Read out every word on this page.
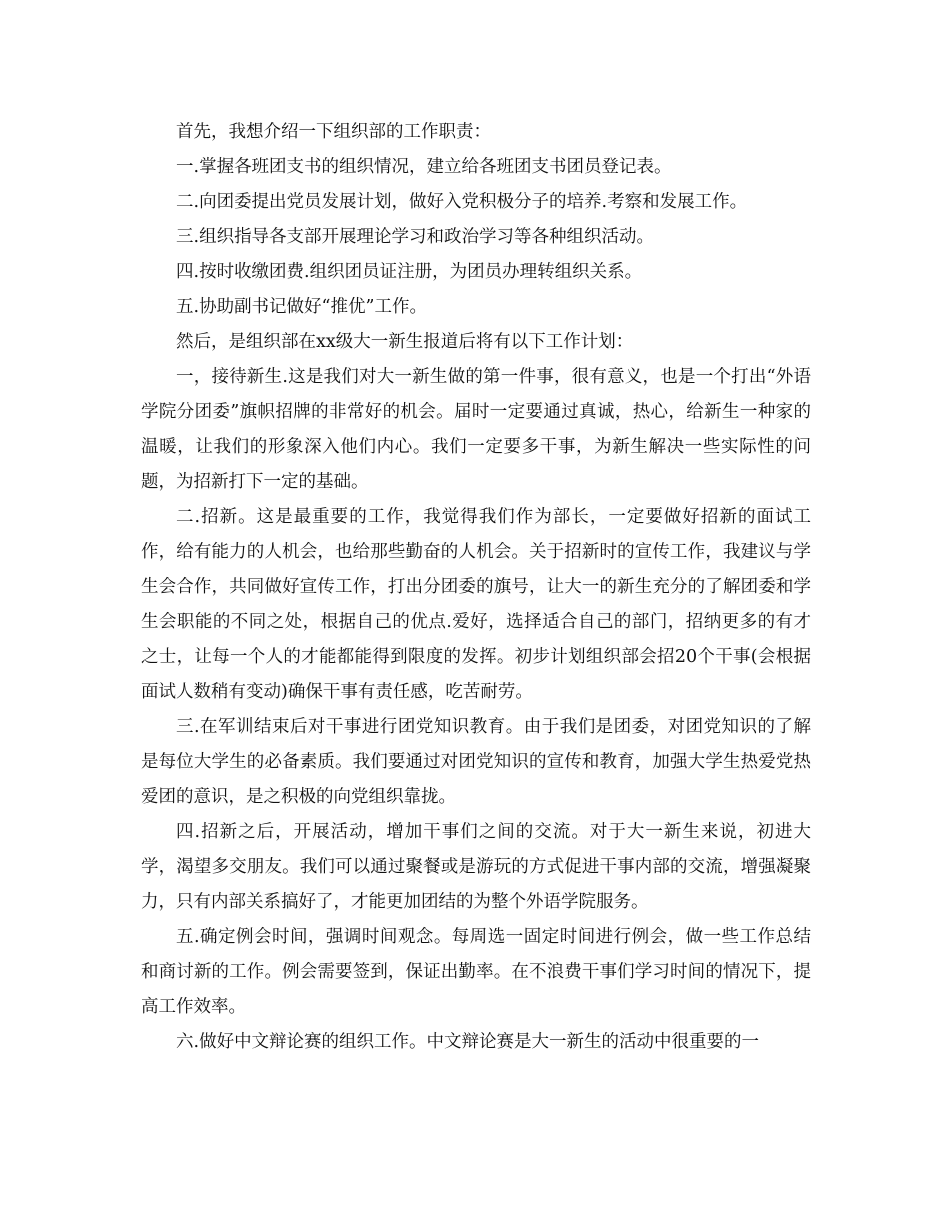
首先，我想介绍一下组织部的工作职责：

一.掌握各班团支书的组织情况，建立给各班团支书团员登记表。

二.向团委提出党员发展计划，做好入党积极分子的培养.考察和发展工作。

三.组织指导各支部开展理论学习和政治学习等各种组织活动。

四.按时收缴团费.组织团员证注册，为团员办理转组织关系。

五.协助副书记做好“推优”工作。

然后，是组织部在xx级大一新生报道后将有以下工作计划：

一，接待新生.这是我们对大一新生做的第一件事，很有意义，也是一个打出“外语学院分团委”旗帜招牌的非常好的机会。届时一定要通过真诚，热心，给新生一种家的温暖，让我们的形象深入他们内心。我们一定要多干事，为新生解决一些实际性的问题，为招新打下一定的基础。

二.招新。这是最重要的工作，我觉得我们作为部长，一定要做好招新的面试工作，给有能力的人机会，也给那些勤奋的人机会。关于招新时的宣传工作，我建议与学生会合作，共同做好宣传工作，打出分团委的旗号，让大一的新生充分的了解团委和学生会职能的不同之处，根据自己的优点.爱好，选择适合自己的部门，招纳更多的有才之士，让每一个人的才能都能得到限度的发挥。初步计划组织部会招20个干事(会根据面试人数稍有变动)确保干事有责任感，吃苦耐劳。

三.在军训结束后对干事进行团党知识教育。由于我们是团委，对团党知识的了解是每位大学生的必备素质。我们要通过对团党知识的宣传和教育，加强大学生热爱党热爱团的意识，是之积极的向党组织靠拢。

四.招新之后，开展活动，增加干事们之间的交流。对于大一新生来说，初进大学，渴望多交朋友。我们可以通过聚餐或是游玩的方式促进干事内部的交流，增强凝聚力，只有内部关系搞好了，才能更加团结的为整个外语学院服务。

五.确定例会时间，强调时间观念。每周选一固定时间进行例会，做一些工作总结和商讨新的工作。例会需要签到，保证出勤率。在不浪费干事们学习时间的情况下，提高工作效率。

六.做好中文辩论赛的组织工作。中文辩论赛是大一新生的活动中很重要的一
